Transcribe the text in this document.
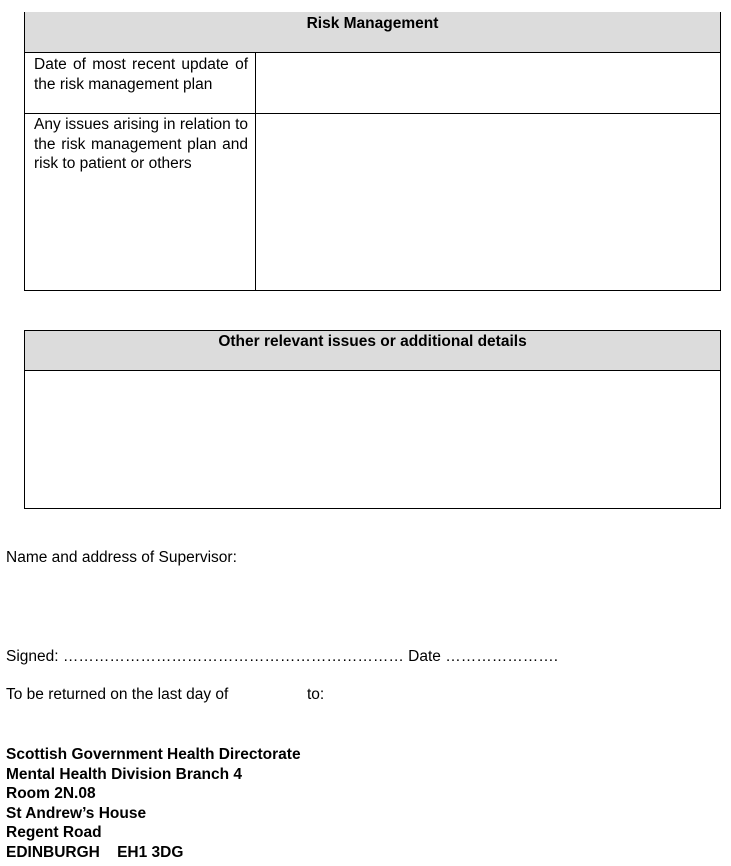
Risk Management
Date of most recent update of the risk management plan
Any issues arising in relation to the risk management plan and risk to patient or others
Other relevant issues or additional details
Name and address of Supervisor:
Signed: ………………………………………………………… Date ………………….
To be returned on the last day of	to:
Scottish Government Health Directorate
Mental Health Division Branch 4
Room 2N.08
St Andrew’s House
Regent Road
EDINBURGH    EH1 3DG
